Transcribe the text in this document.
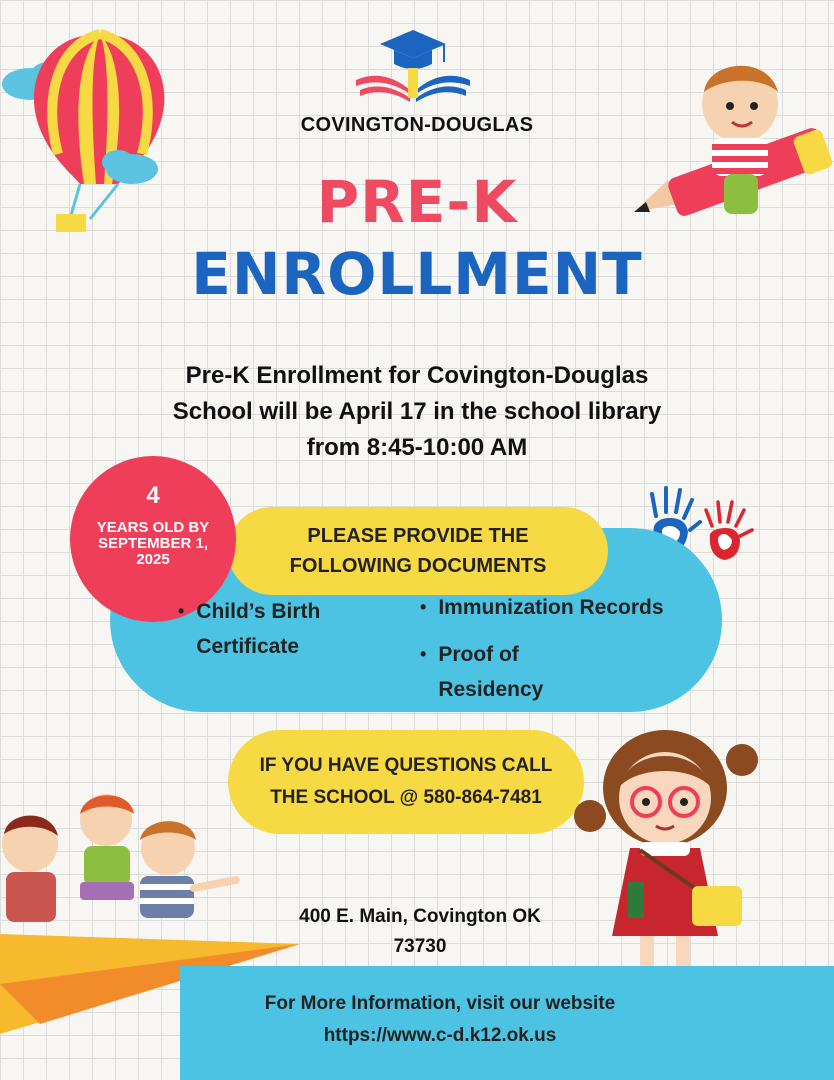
COVINGTON-DOUGLAS
PRE-K
ENROLLMENT
Pre-K Enrollment for Covington-Douglas
School will be April 17 in the school library
from 8:45-10:00 AM
PLEASE PROVIDE THE
FOLLOWING DOCUMENTS
4
YEARS OLD BY SEPTEMBER 1, 2025
• Child’s Birth
Certificate
• Immunization Records
• Proof of
Residency
IF YOU HAVE QUESTIONS CALL
THE SCHOOL @ 580-864-7481
400 E. Main, Covington OK
73730
For More Information, visit our website
https://www.c-d.k12.ok.us
